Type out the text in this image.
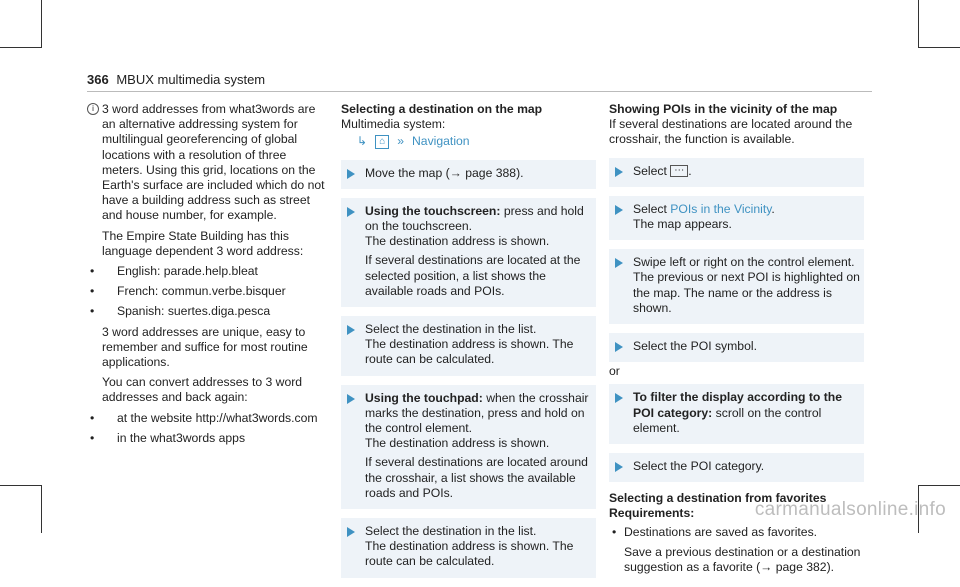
366 MBUX multimedia system
i 3 word addresses from what3words are an alternative addressing system for multilingual georeferencing of global locations with a resolution of three meters. Using this grid, locations on the Earth's surface are included which do not have a building address such as street and house number, for example.
The Empire State Building has this language dependent 3 word address:
• English: parade.help.bleat
• French: commun.verbe.bisquer
• Spanish: suertes.diga.pesca
3 word addresses are unique, easy to remember and suffice for most routine applications.
You can convert addresses to 3 word addresses and back again:
• at the website http://what3words.com
• in the what3words apps
Selecting a destination on the map
Multimedia system:
↳	⌂ » Navigation
Move the map (→ page 388).
Using the touchscreen: press and hold on the touchscreen.
The destination address is shown.
If several destinations are located at the selected position, a list shows the available roads and POIs.
Select the destination in the list.
The destination address is shown. The route can be calculated.
Using the touchpad: when the crosshair marks the destination, press and hold on the control element.
The destination address is shown.
If several destinations are located around the crosshair, a list shows the available roads and POIs.
Select the destination in the list.
The destination address is shown. The route can be calculated.
Showing POIs in the vicinity of the map
If several destinations are located around the crosshair, the function is available.
Select ⋯ .
Select POIs in the Vicinity.
The map appears.
Swipe left or right on the control element.
The previous or next POI is highlighted on the map. The name or the address is shown.
Select the POI symbol.
or
To filter the display according to the POI category: scroll on the control element.
Select the POI category.
Selecting a destination from favorites
Requirements:
• Destinations are saved as favorites.
Save a previous destination or a destination suggestion as a favorite (→ page 382).
carmanualsonline.info
